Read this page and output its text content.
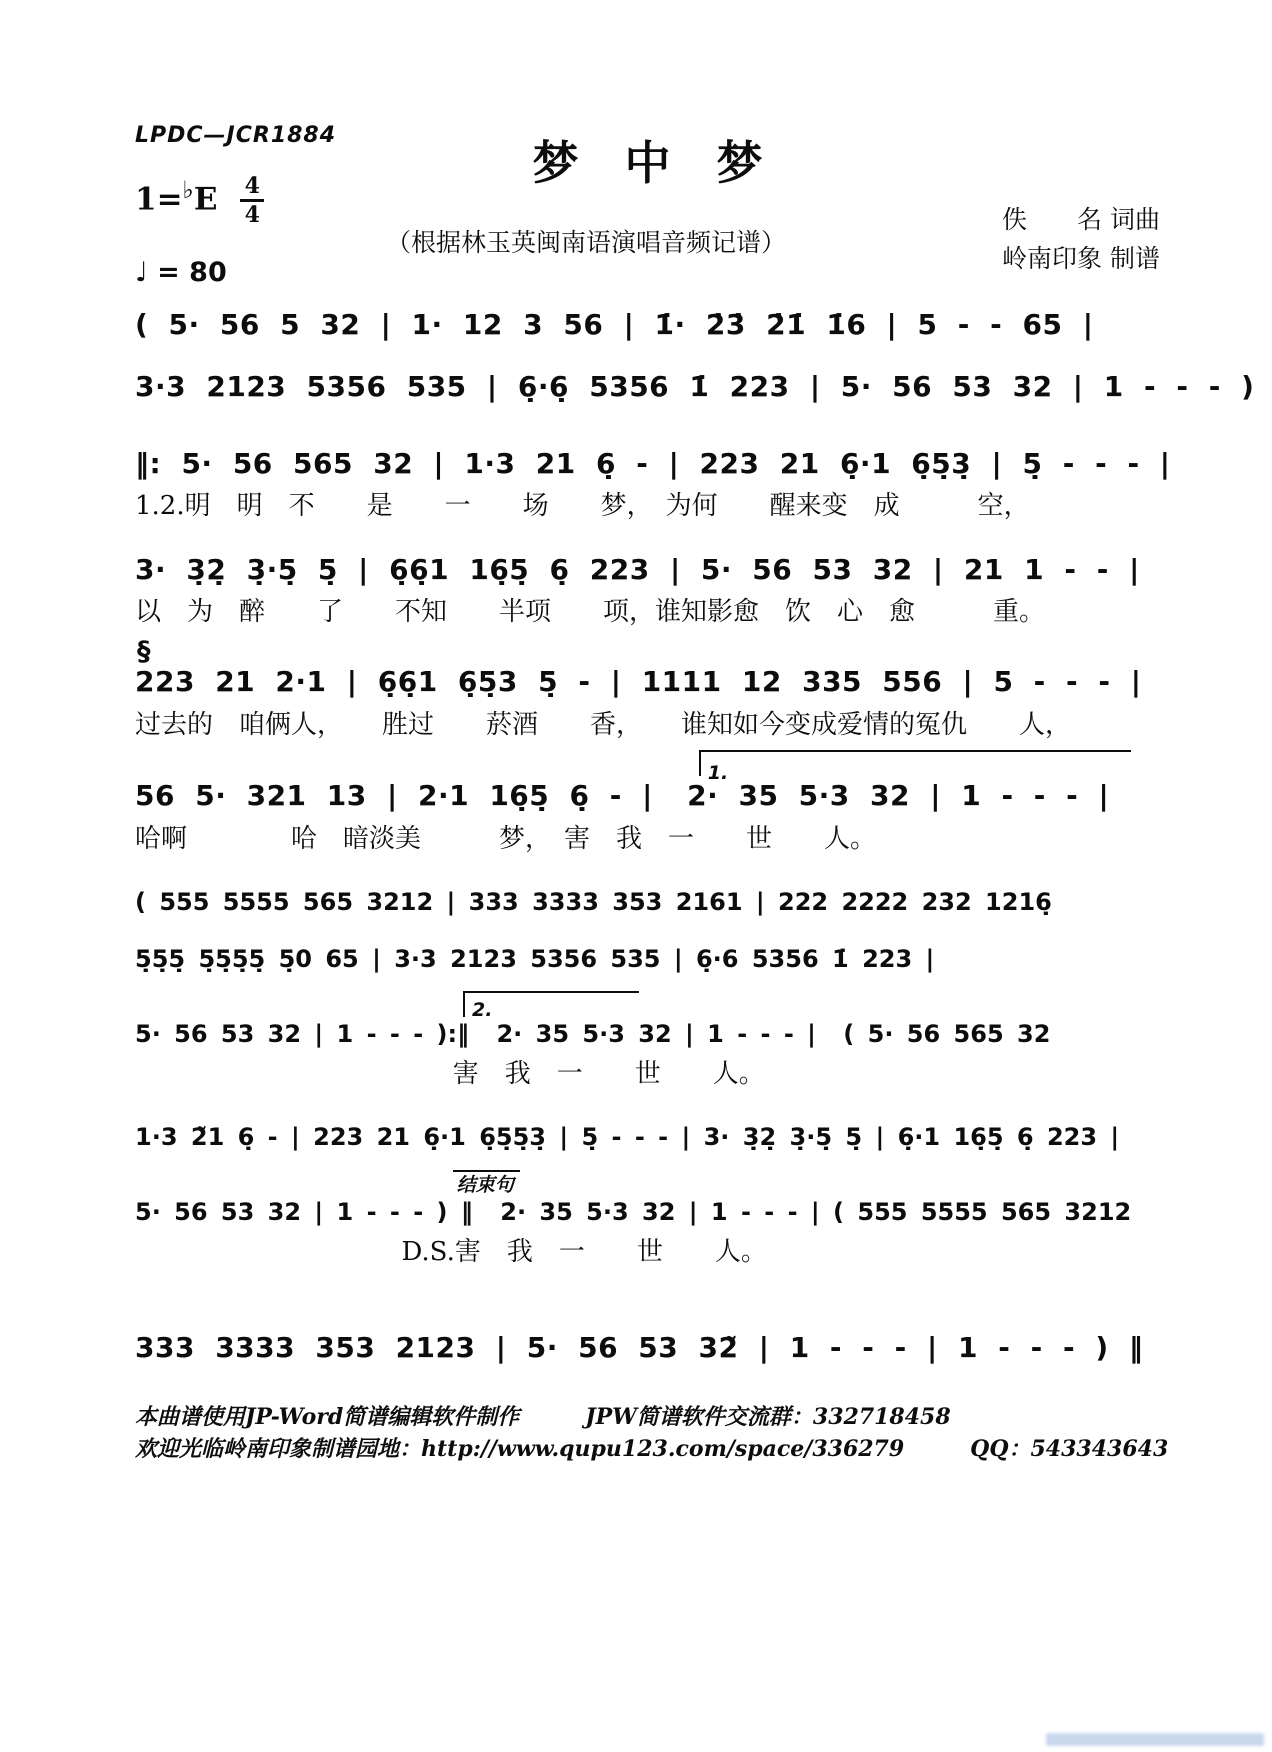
LPDC—JCR1884
$1=^♭E \frac{4}{4}$
♩ = 80
梦　中　梦
（根据林玉英闽南语演唱音频记谱）
佚　　名 词曲
岭南印象 制谱
( 5· 56 5 32 | 1· 12 3 56 | 1̇· 2̇3̇ 2̇1̇ 1̇6 | 5 - - 65 |
3·3 2123 5356 535 | 6̣·6̣ 5356 1̇ 223 | 5· 56 53 32 | 1 - - - )
‖: 5· 56 565 32 | 1·3 21 6̣ - | 223 21 6̣·1 6̣5̣3̣ | 5̣ - - - |
1.2.明　明　不　　是　　一　　场　　梦，　为何　　醒来变　成　　　空，
3· 3̣2̣ 3̣·5̣ 5̣ | 6̣6̣1 16̣5̣ 6̣ 223 | 5· 56 53 32 | 21 1 - - |
以　为　醉　　了　　不知　　半项　　项，谁知影愈　饮　心　愈　　　重。
§
223 21 2·1 | 6̣6̣1 6̣5̣3 5̣ - | 1111 12 335 556 | 5 - - - |
过去的　咱俩人，　　胜过　　菸酒　　香，　　谁知如今变成爱情的冤仇　　人，
1.
56 5· 321 13 | 2·1 16̣5̣ 6̣ - | 2· 35 5·3 32 | 1 - - - |
哈啊　　　　哈　暗淡美　　　梦，　害　我　一　　世　　人。
( 555 5555 565 3212 | 333 3333 353 2161 | 222 2222 232 1216̣
5̣5̣5̣ 5̣5̣5̣5̣ 5̣0 65 | 3·3 2123 5356 535 | 6̣·6 5356 1̇ 223 |
2.
5· 56 53 32 | 1 - - - ):‖ 2· 35 5·3 32 | 1 - - - | ( 5· 56 565 32
害　我　一　　世　　人。
1·3 2̃1 6̣ - | 223 21 6̣·1 6̣5̣5̣3̣ | 5̣ - - - | 3· 3̣2̣ 3̣·5̣ 5̣ | 6̣·1 16̣5̣ 6̣ 223 |
结束句
5· 56 53 32 | 1 - - - ) ‖ 2· 35 5·3 32 | 1 - - - | ( 555 5555 565 3212
D.S.害　我　一　　世　　人。
333 3333 353 2123 | 5· 56 53 32̃ | 1 - - - | 1 - - - ) ‖
本曲谱使用JP-Word简谱编辑软件制作　　　JPW简谱软件交流群：332718458
欢迎光临岭南印象制谱园地：http://www.qupu123.com/space/336279　　　QQ：543343643
